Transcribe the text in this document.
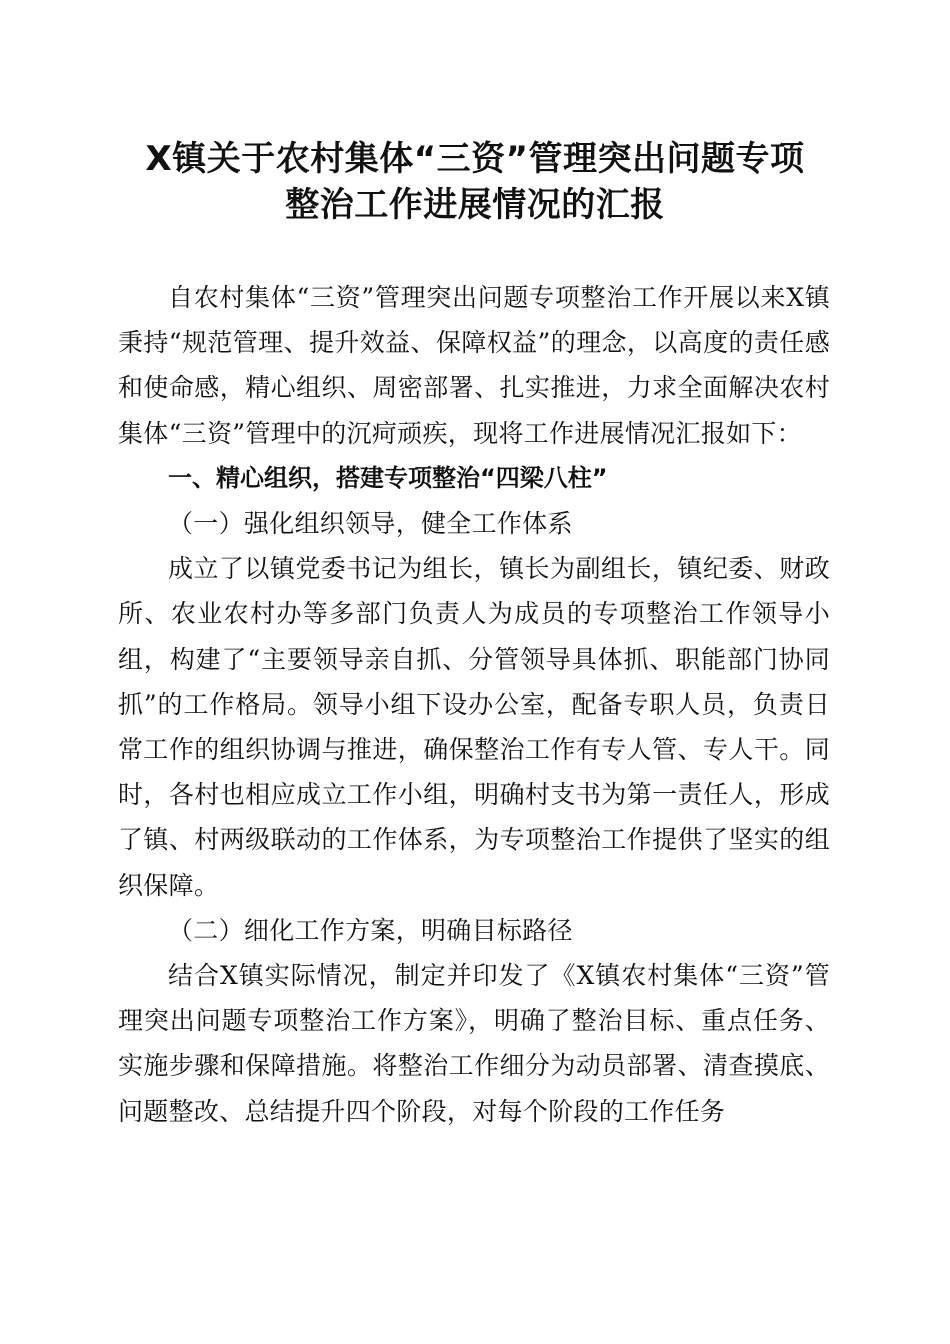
X镇关于农村集体“三资”管理突出问题专项
整治工作进展情况的汇报

自农村集体“三资”管理突出问题专项整治工作开展以来X镇秉持“规范管理、提升效益、保障权益”的理念，以高度的责任感和使命感，精心组织、周密部署、扎实推进，力求全面解决农村集体“三资”管理中的沉疴顽疾，现将工作进展情况汇报如下：

一、精心组织，搭建专项整治“四梁八柱”

（一）强化组织领导，健全工作体系

成立了以镇党委书记为组长，镇长为副组长，镇纪委、财政所、农业农村办等多部门负责人为成员的专项整治工作领导小组，构建了“主要领导亲自抓、分管领导具体抓、职能部门协同抓”的工作格局。领导小组下设办公室，配备专职人员，负责日常工作的组织协调与推进，确保整治工作有专人管、专人干。同时，各村也相应成立工作小组，明确村支书为第一责任人，形成了镇、村两级联动的工作体系，为专项整治工作提供了坚实的组织保障。

（二）细化工作方案，明确目标路径

结合X镇实际情况，制定并印发了《X镇农村集体“三资”管理突出问题专项整治工作方案》，明确了整治目标、重点任务、实施步骤和保障措施。将整治工作细分为动员部署、清查摸底、问题整改、总结提升四个阶段，对每个阶段的工作任务
